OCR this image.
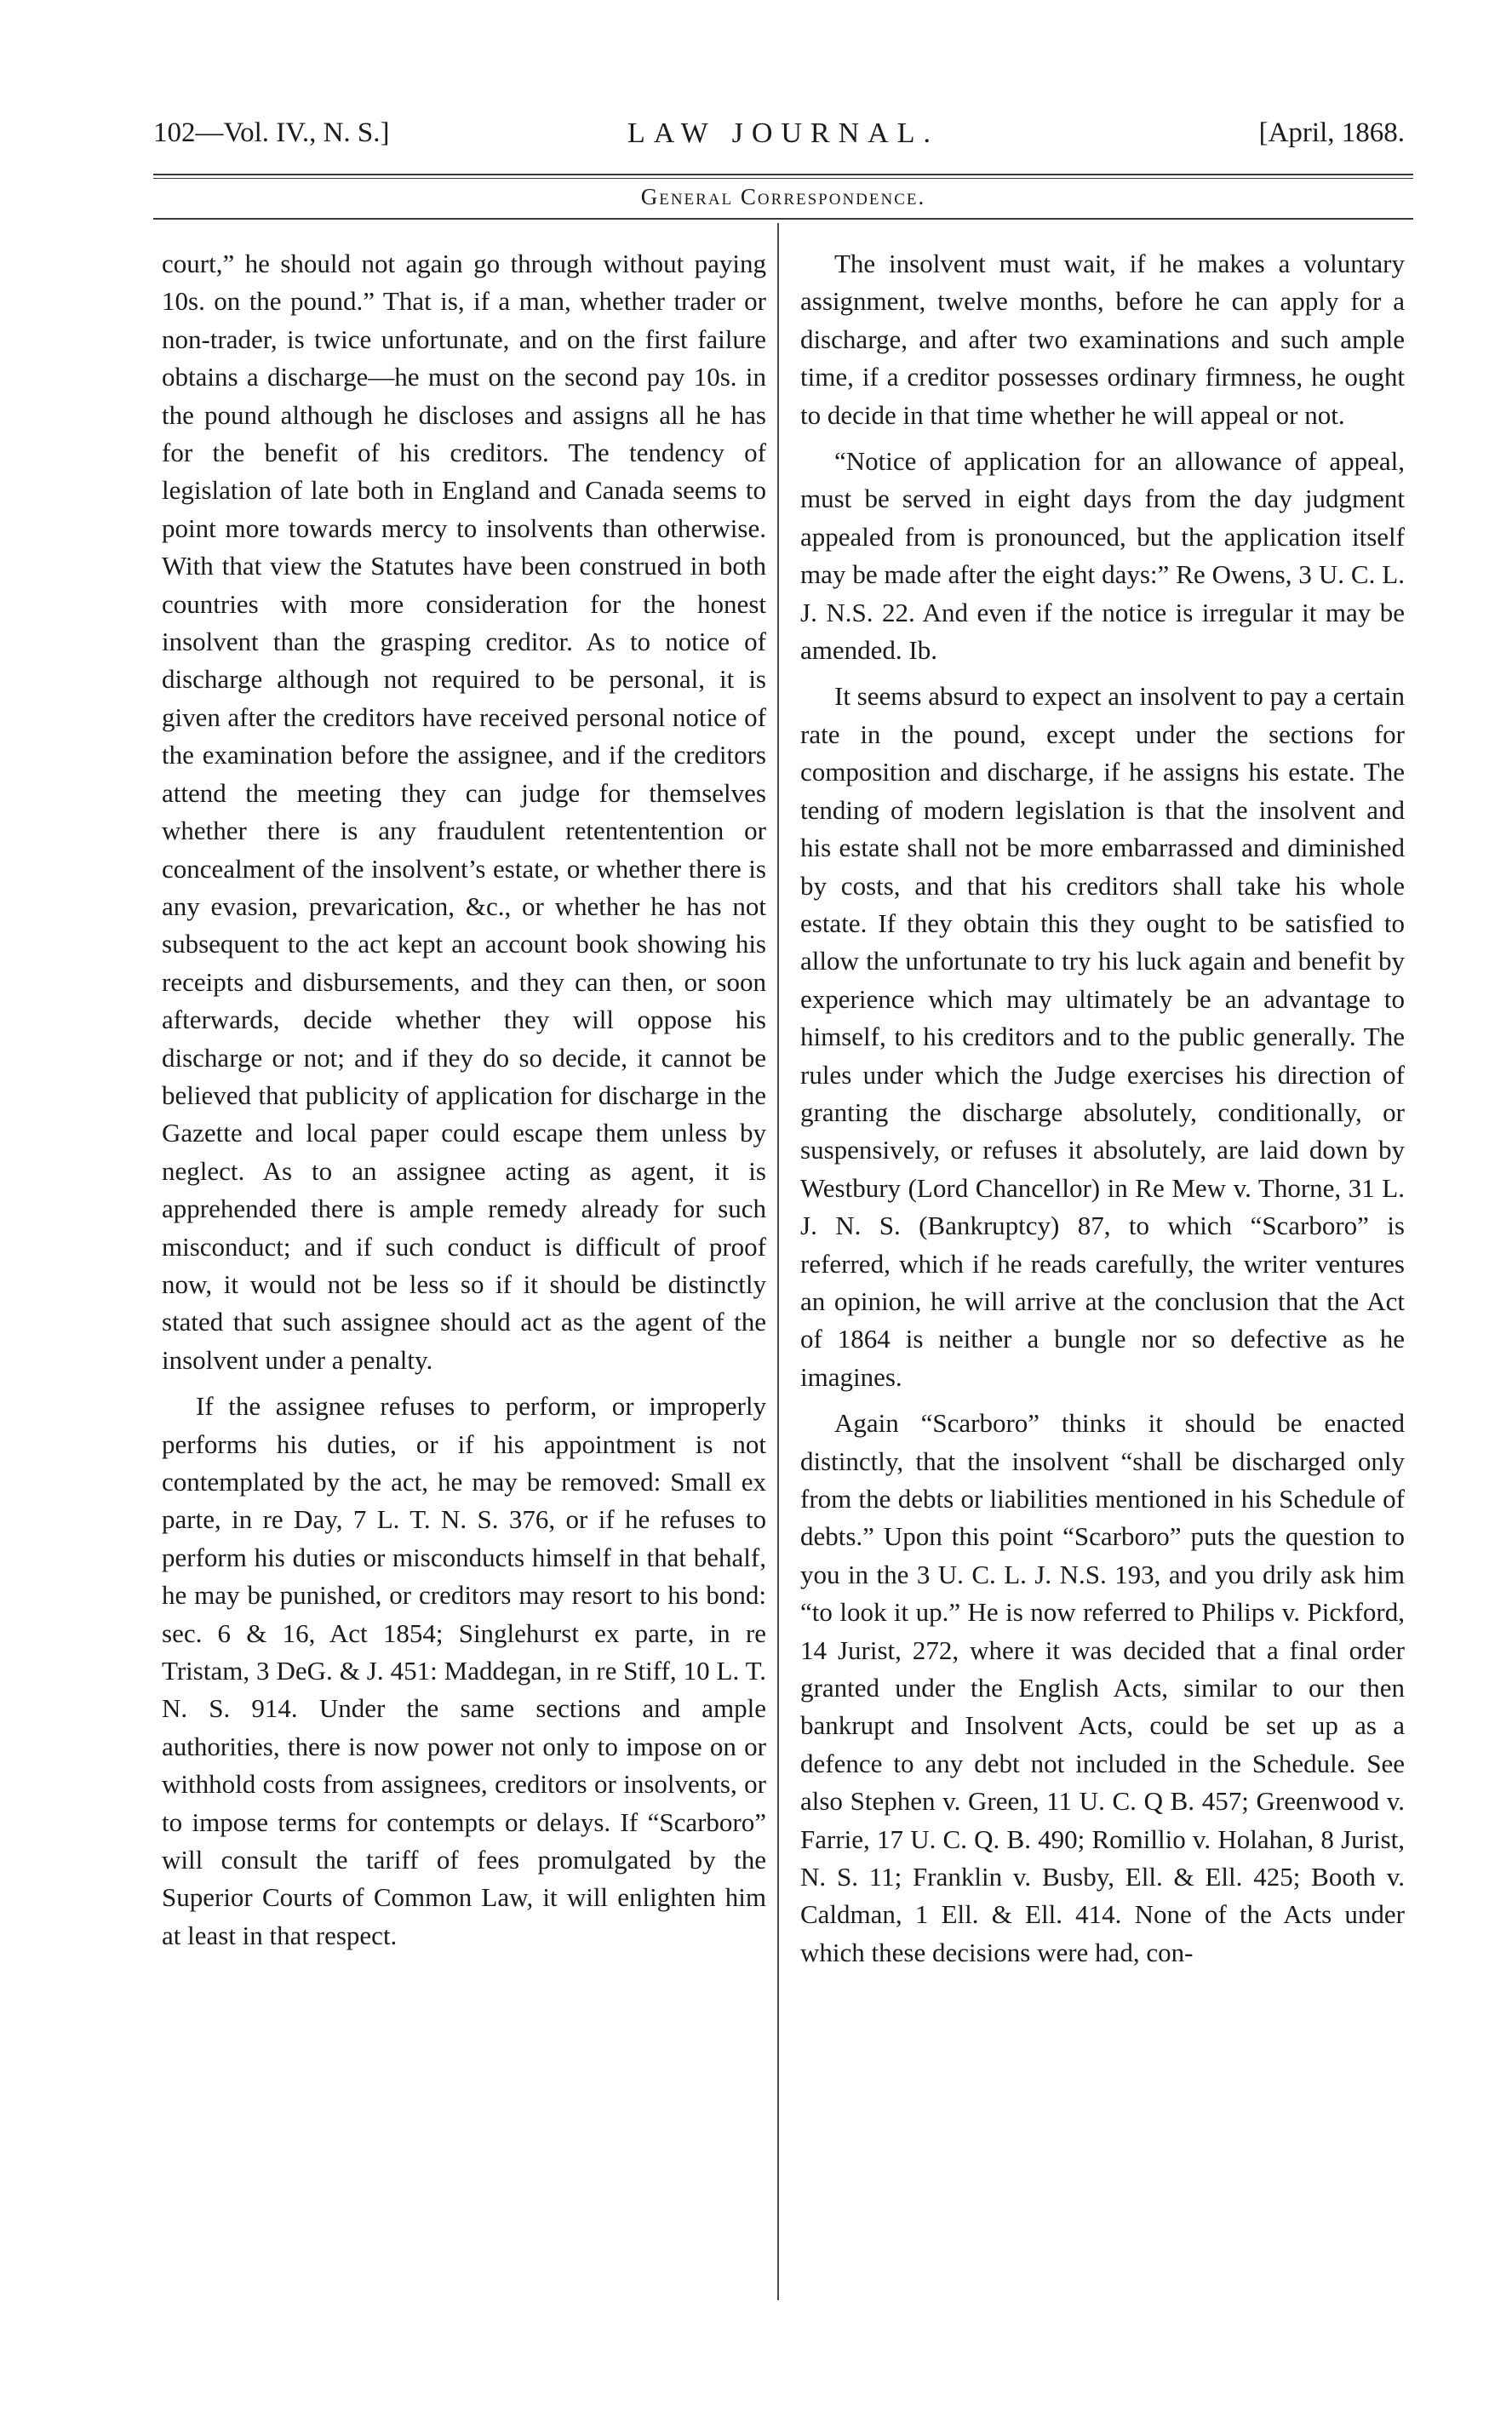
102—Vol. IV., N. S.]	LAW JOURNAL.	[April, 1868.
General Correspondence.

court,” he should not again go through without paying 10s. on the pound.” That is, if a man, whether trader or non-trader, is twice unfortunate, and on the first failure obtains a discharge—he must on the second pay 10s. in the pound although he discloses and assigns all he has for the benefit of his creditors. The tendency of legislation of late both in England and Canada seems to point more towards mercy to insolvents than otherwise. With that view the Statutes have been construed in both countries with more consideration for the honest insolvent than the grasping creditor. As to notice of discharge although not required to be personal, it is given after the creditors have received personal notice of the examination before the assignee, and if the creditors attend the meeting they can judge for themselves whether there is any fraudulent retententention or concealment of the insolvent’s estate, or whether there is any evasion, prevarication, &c., or whether he has not subsequent to the act kept an account book showing his receipts and disbursements, and they can then, or soon afterwards, decide whether they will oppose his discharge or not; and if they do so decide, it cannot be believed that publicity of application for discharge in the Gazette and local paper could escape them unless by neglect. As to an assignee acting as agent, it is apprehended there is ample remedy already for such misconduct; and if such conduct is difficult of proof now, it would not be less so if it should be distinctly stated that such assignee should act as the agent of the insolvent under a penalty.

If the assignee refuses to perform, or improperly performs his duties, or if his appointment is not contemplated by the act, he may be removed: Small ex parte, in re Day, 7 L. T. N. S. 376, or if he refuses to perform his duties or misconducts himself in that behalf, he may be punished, or creditors may resort to his bond: sec. 6 & 16, Act 1854; Singlehurst ex parte, in re Tristam, 3 DeG. & J. 451: Maddegan, in re Stiff, 10 L. T. N. S. 914. Under the same sections and ample authorities, there is now power not only to impose on or withhold costs from assignees, creditors or insolvents, or to impose terms for contempts or delays. If “Scarboro” will consult the tariff of fees promulgated by the Superior Courts of Common Law, it will enlighten him at least in that respect.

The insolvent must wait, if he makes a voluntary assignment, twelve months, before he can apply for a discharge, and after two examinations and such ample time, if a creditor possesses ordinary firmness, he ought to decide in that time whether he will appeal or not.

“Notice of application for an allowance of appeal, must be served in eight days from the day judgment appealed from is pronounced, but the application itself may be made after the eight days:” Re Owens, 3 U. C. L. J. N.S. 22. And even if the notice is irregular it may be amended. Ib.

It seems absurd to expect an insolvent to pay a certain rate in the pound, except under the sections for composition and discharge, if he assigns his estate. The tending of modern legislation is that the insolvent and his estate shall not be more embarrassed and diminished by costs, and that his creditors shall take his whole estate. If they obtain this they ought to be satisfied to allow the unfortunate to try his luck again and benefit by experience which may ultimately be an advantage to himself, to his creditors and to the public generally. The rules under which the Judge exercises his direction of granting the discharge absolutely, conditionally, or suspensively, or refuses it absolutely, are laid down by Westbury (Lord Chancellor) in Re Mew v. Thorne, 31 L. J. N. S. (Bankruptcy) 87, to which “Scarboro” is referred, which if he reads carefully, the writer ventures an opinion, he will arrive at the conclusion that the Act of 1864 is neither a bungle nor so defective as he imagines.

Again “Scarboro” thinks it should be enacted distinctly, that the insolvent “shall be discharged only from the debts or liabilities mentioned in his Schedule of debts.” Upon this point “Scarboro” puts the question to you in the 3 U. C. L. J. N.S. 193, and you drily ask him “to look it up.” He is now referred to Philips v. Pickford, 14 Jurist, 272, where it was decided that a final order granted under the English Acts, similar to our then bankrupt and Insolvent Acts, could be set up as a defence to any debt not included in the Schedule. See also Stephen v. Green, 11 U. C. Q B. 457; Greenwood v. Farrie, 17 U. C. Q. B. 490; Romillio v. Holahan, 8 Jurist, N. S. 11; Franklin v. Busby, Ell. & Ell. 425; Booth v. Caldman, 1 Ell. & Ell. 414. None of the Acts under which these decisions were had, con-
